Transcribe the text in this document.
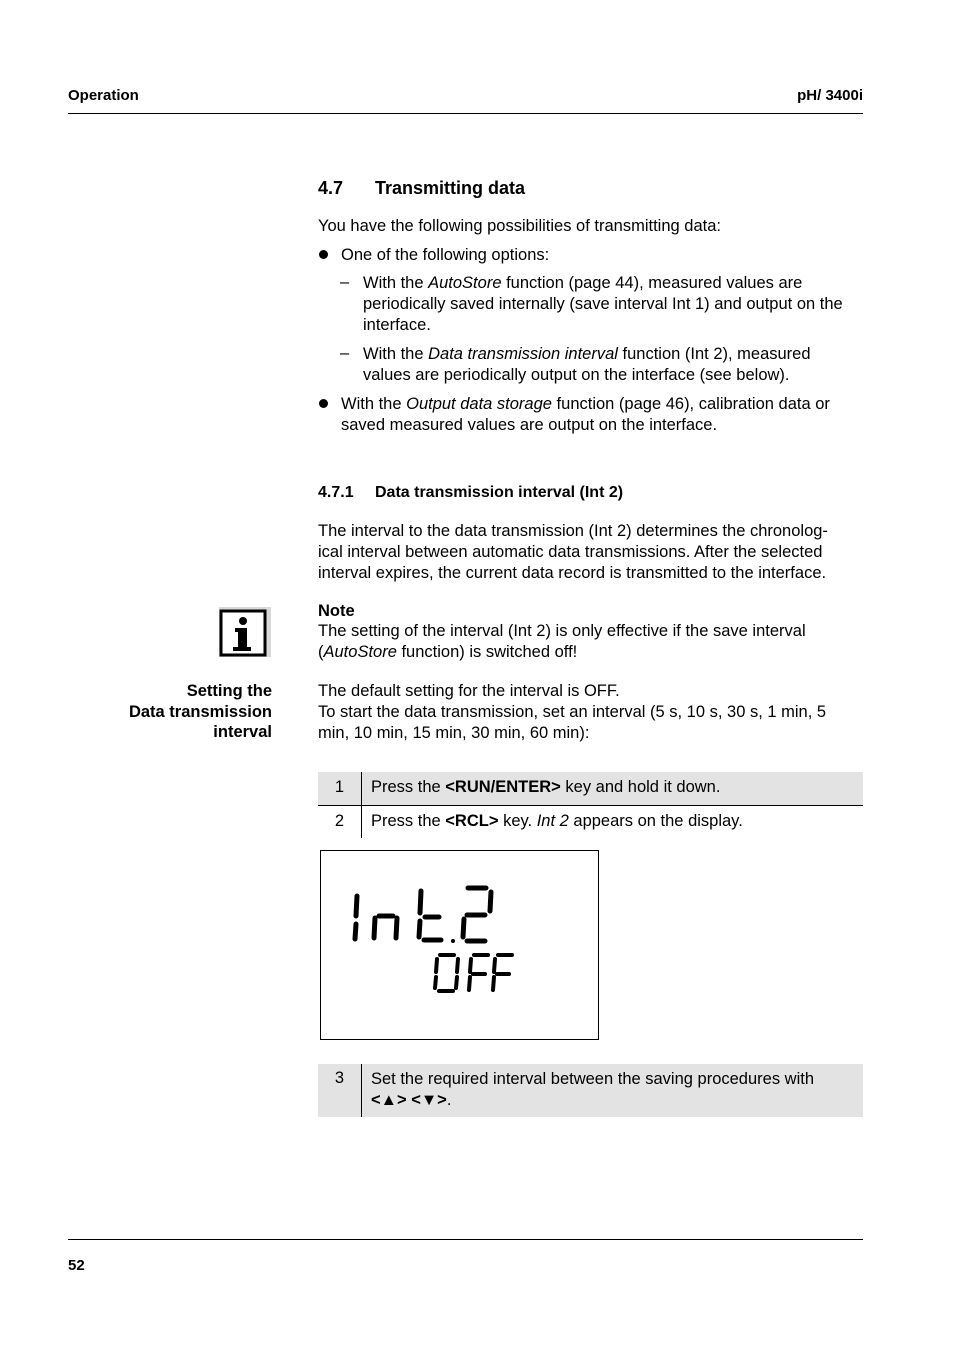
Operation	pH/ 3400i
4.7 Transmitting data
You have the following possibilities of transmitting data:
One of the following options:
– With the AutoStore function (page 44), measured values are
periodically saved internally (save interval Int 1) and output on the
interface.
– With the Data transmission interval function (Int 2), measured
values are periodically output on the interface (see below).
With the Output data storage function (page 46), calibration data or
saved measured values are output on the interface.
4.7.1 Data transmission interval (Int 2)
The interval to the data transmission (Int 2) determines the chronolog-
ical interval between automatic data transmissions. After the selected
interval expires, the current data record is transmitted to the interface.
Note
The setting of the interval (Int 2) is only effective if the save interval
(AutoStore function) is switched off!
Setting the
Data transmission
interval
The default setting for the interval is OFF.
To start the data transmission, set an interval (5 s, 10 s, 30 s, 1 min, 5
min, 10 min, 15 min, 30 min, 60 min):
1	Press the <RUN/ENTER> key and hold it down.
2	Press the <RCL> key. Int 2 appears on the display.
3	Set the required interval between the saving procedures with
<▲> <▼>.
52
